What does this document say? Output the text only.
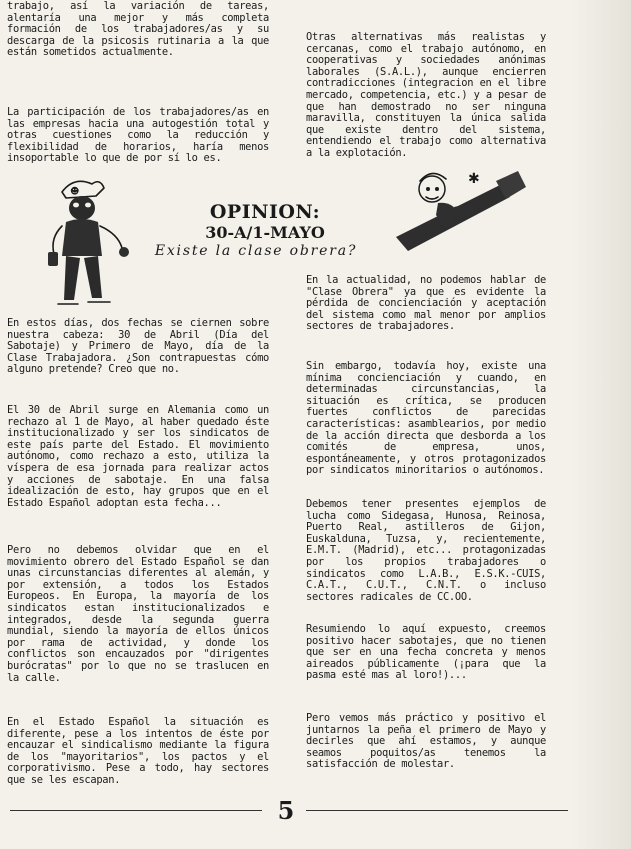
trabajo, así la variación de tareas, alentaría una mejor y más completa formación de los trabajadores/as y su descarga de la psicosis rutinaria a la que están sometidos actualmente.

La participación de los trabajadores/as en las empresas hacia una autogestión total y otras cuestiones como la reducción y flexibilidad de horarios, haría menos insoportable lo que de por sí lo es.

En estos días, dos fechas se ciernen sobre nuestra cabeza: 30 de Abril (Día del Sabotaje) y Primero de Mayo, día de la Clase Trabajadora. ¿Son contrapuestas cómo alguno pretende? Creo que no.

El 30 de Abril surge en Alemania como un rechazo al 1 de Mayo, al haber quedado éste institucionalizado y ser los sindicatos de este país parte del Estado. El movimiento autónomo, como rechazo a esto, utiliza la víspera de esa jornada para realizar actos y acciones de sabotaje. En una falsa idealización de esto, hay grupos que en el Estado Español adoptan esta fecha...

Pero no debemos olvidar que en el movimiento obrero del Estado Español se dan unas circunstancias diferentes al alemán, y por extensión, a todos los Estados Europeos. En Europa, la mayoría de los sindicatos estan institucionalizados e integrados, desde la segunda guerra mundial, siendo la mayoría de ellos únicos por rama de actividad, y donde los conflictos son encauzados por "dirigentes burócratas" por lo que no se traslucen en la calle.

En el Estado Español la situación es diferente, pese a los intentos de éste por encauzar el sindicalismo mediante la figura de los "mayoritarios", los pactos y el corporativismo. Pese a todo, hay sectores que se les escapan.

Otras alternativas más realistas y cercanas, como el trabajo autónomo, en cooperativas y sociedades anónimas laborales (S.A.L.), aunque encierren contradicciones (integracion en el libre mercado, competencia, etc.) y a pesar de que han demostrado no ser ninguna maravilla, constituyen la única salida que existe dentro del sistema, entendiendo el trabajo como alternativa a la explotación.

En la actualidad, no podemos hablar de "Clase Obrera" ya que es evidente la pérdida de concienciación y aceptación del sistema como mal menor por amplios sectores de trabajadores.

Sin embargo, todavía hoy, existe una mínima concienciación y cuando, en determinadas circunstancias, la situación es crítica, se producen fuertes conflictos de parecidas características: asamblearios, por medio de la acción directa que desborda a los comités de empresa, unos, espontáneamente, y otros protagonizados por sindicatos minoritarios o autónomos.

Debemos tener presentes ejemplos de lucha como Sidegasa, Hunosa, Reinosa, Puerto Real, astilleros de Gijon, Euskalduna, Tuzsa, y, recientemente, E.M.T. (Madrid), etc... protagonizadas por los propios trabajadores o sindicatos como L.A.B., E.S.K.-CUIS, C.A.T., C.U.T., C.N.T. o incluso sectores radicales de CC.OO.

Resumiendo lo aquí expuesto, creemos positivo hacer sabotajes, que no tienen que ser en una fecha concreta y menos aireados públicamente (¡para que la pasma esté mas al loro!)...

Pero vemos más práctico y positivo el juntarnos la peña el primero de Mayo y decirles que ahí estamos, y aunque seamos poquitos/as tenemos la satisfacción de molestar.

OPINION:

30-A/1-MAYO

Existe la clase obrera?

☻
✱

5
